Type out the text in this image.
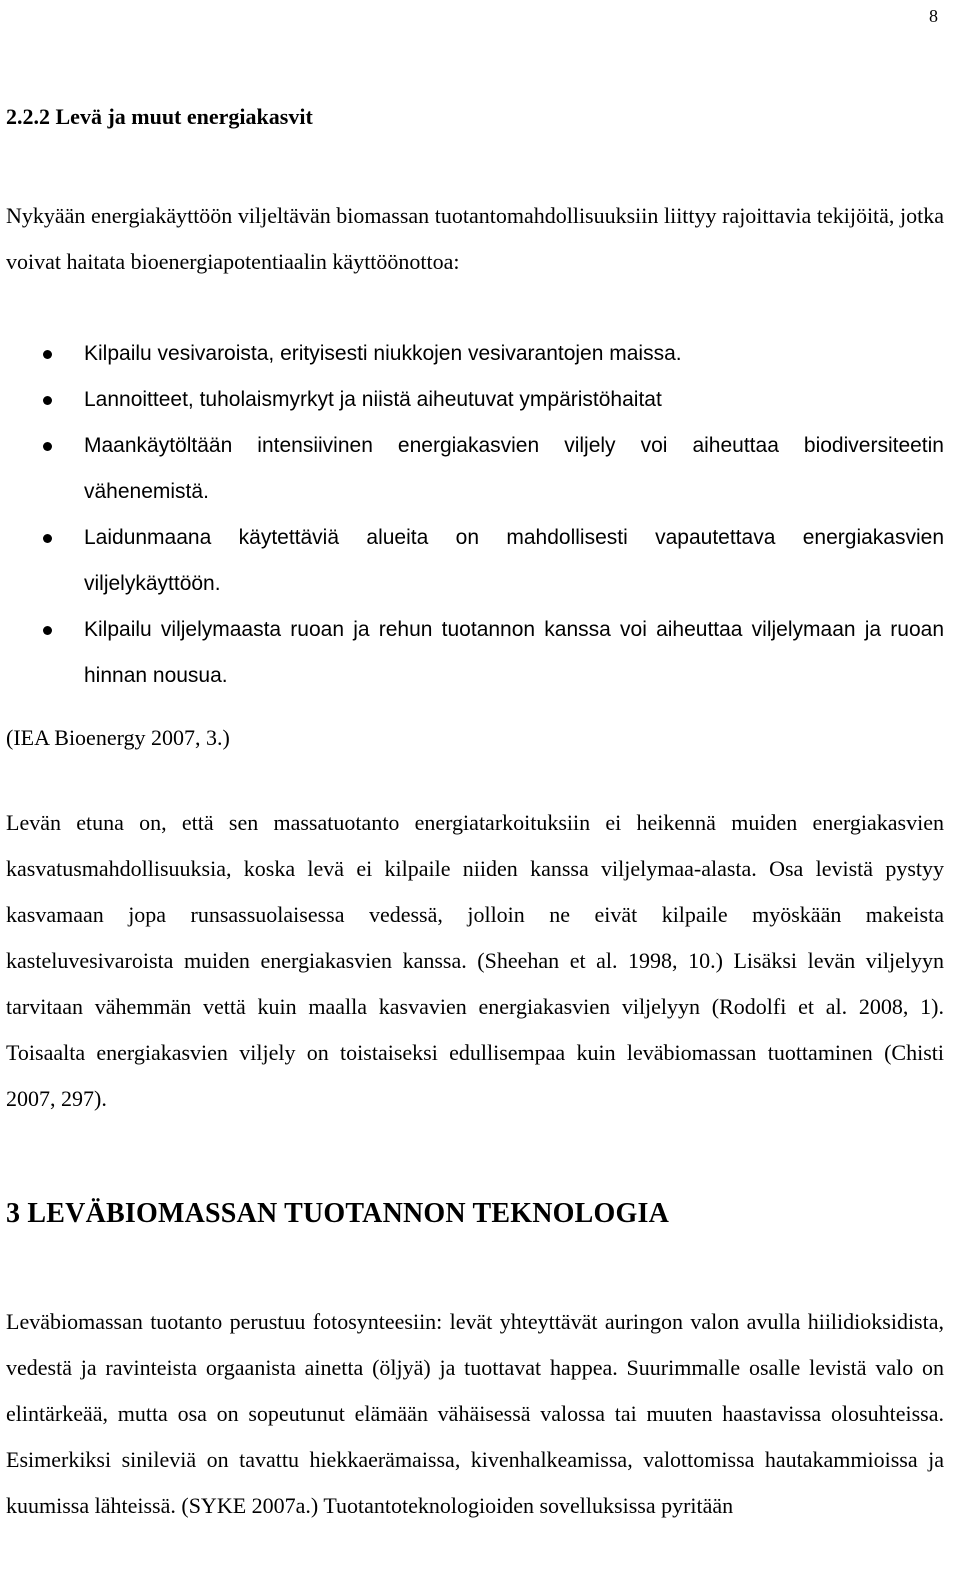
8
2.2.2 Levä ja muut energiakasvit

Nykyään energiakäyttöön viljeltävän biomassan tuotantomahdollisuuksiin liittyy rajoittavia tekijöitä, jotka voivat haitata bioenergiapotentiaalin käyttöönottoa:

Kilpailu vesivaroista, erityisesti niukkojen vesivarantojen maissa.
Lannoitteet, tuholaismyrkyt ja niistä aiheutuvat ympäristöhaitat
Maankäytöltään intensiivinen energiakasvien viljely voi aiheuttaa biodiversiteetin vähenemistä.
Laidunmaana käytettäviä alueita on mahdollisesti vapautettava energiakasvien viljelykäyttöön.
Kilpailu viljelymaasta ruoan ja rehun tuotannon kanssa voi aiheuttaa viljelymaan ja ruoan hinnan nousua.

(IEA Bioenergy 2007, 3.)

Levän etuna on, että sen massatuotanto energiatarkoituksiin ei heikennä muiden energiakasvien kasvatusmahdollisuuksia, koska levä ei kilpaile niiden kanssa viljelymaa-alasta. Osa levistä pystyy kasvamaan jopa runsassuolaisessa vedessä, jolloin ne eivät kilpaile myöskään makeista kasteluvesivaroista muiden energiakasvien kanssa. (Sheehan et al. 1998, 10.) Lisäksi levän viljelyyn tarvitaan vähemmän vettä kuin maalla kasvavien energiakasvien viljelyyn (Rodolfi et al. 2008, 1). Toisaalta energiakasvien viljely on toistaiseksi edullisempaa kuin leväbiomassan tuottaminen (Chisti 2007, 297).

3 LEVÄBIOMASSAN TUOTANNON TEKNOLOGIA

Leväbiomassan tuotanto perustuu fotosynteesiin: levät yhteyttävät auringon valon avulla hiilidioksidista, vedestä ja ravinteista orgaanista ainetta (öljyä) ja tuottavat happea. Suurimmalle osalle levistä valo on elintärkeää, mutta osa on sopeutunut elämään vähäisessä valossa tai muuten haastavissa olosuhteissa. Esimerkiksi sinileviä on tavattu hiekkaerämaissa, kivenhalkeamissa, valottomissa hautakammioissa ja kuumissa lähteissä. (SYKE 2007a.) Tuotantoteknologioiden sovelluksissa pyritään
